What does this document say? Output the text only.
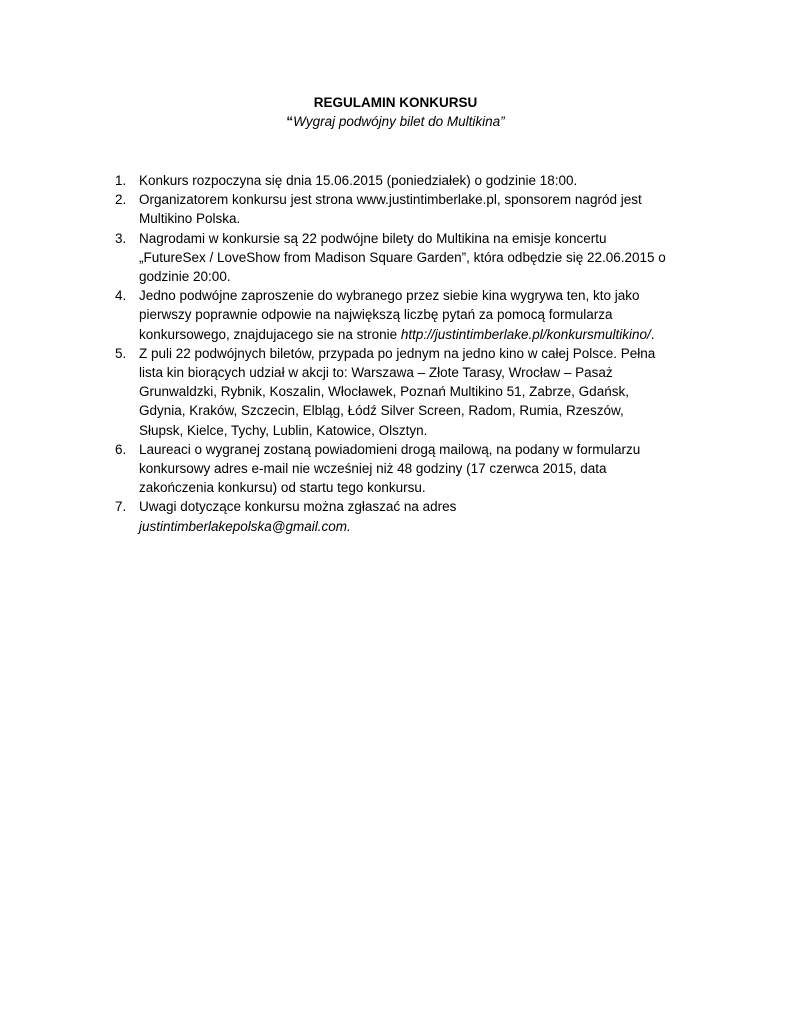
REGULAMIN KONKURSU
“Wygraj podwójny bilet do Multikina”
1. Konkurs rozpoczyna się dnia 15.06.2015 (poniedziałek) o godzinie 18:00.
2. Organizatorem konkursu jest strona www.justintimberlake.pl, sponsorem nagród jest
Multikino Polska.
3. Nagrodami w konkursie są 22 podwójne bilety do Multikina na emisje koncertu
„FutureSex / LoveShow from Madison Square Garden”, która odbędzie się 22.06.2015 o
godzinie 20:00.
4. Jedno podwójne zaproszenie do wybranego przez siebie kina wygrywa ten, kto jako
pierwszy poprawnie odpowie na największą liczbę pytań za pomocą formularza
konkursowego, znajdujacego sie na stronie http://justintimberlake.pl/konkursmultikino/.
5. Z puli 22 podwójnych biletów, przypada po jednym na jedno kino w całej Polsce. Pełna
lista kin biorących udział w akcji to: Warszawa – Złote Tarasy, Wrocław – Pasaż
Grunwaldzki, Rybnik, Koszalin, Włocławek, Poznań Multikino 51, Zabrze, Gdańsk,
Gdynia, Kraków, Szczecin, Elbląg, Łódź Silver Screen, Radom, Rumia, Rzeszów,
Słupsk, Kielce, Tychy, Lublin, Katowice, Olsztyn.
6. Laureaci o wygranej zostaną powiadomieni drogą mailową, na podany w formularzu
konkursowy adres e-mail nie wcześniej niż 48 godziny (17 czerwca 2015, data
zakończenia konkursu) od startu tego konkursu.
7. Uwagi dotyczące konkursu można zgłaszać na adres
justintimberlakepolska@gmail.com.
